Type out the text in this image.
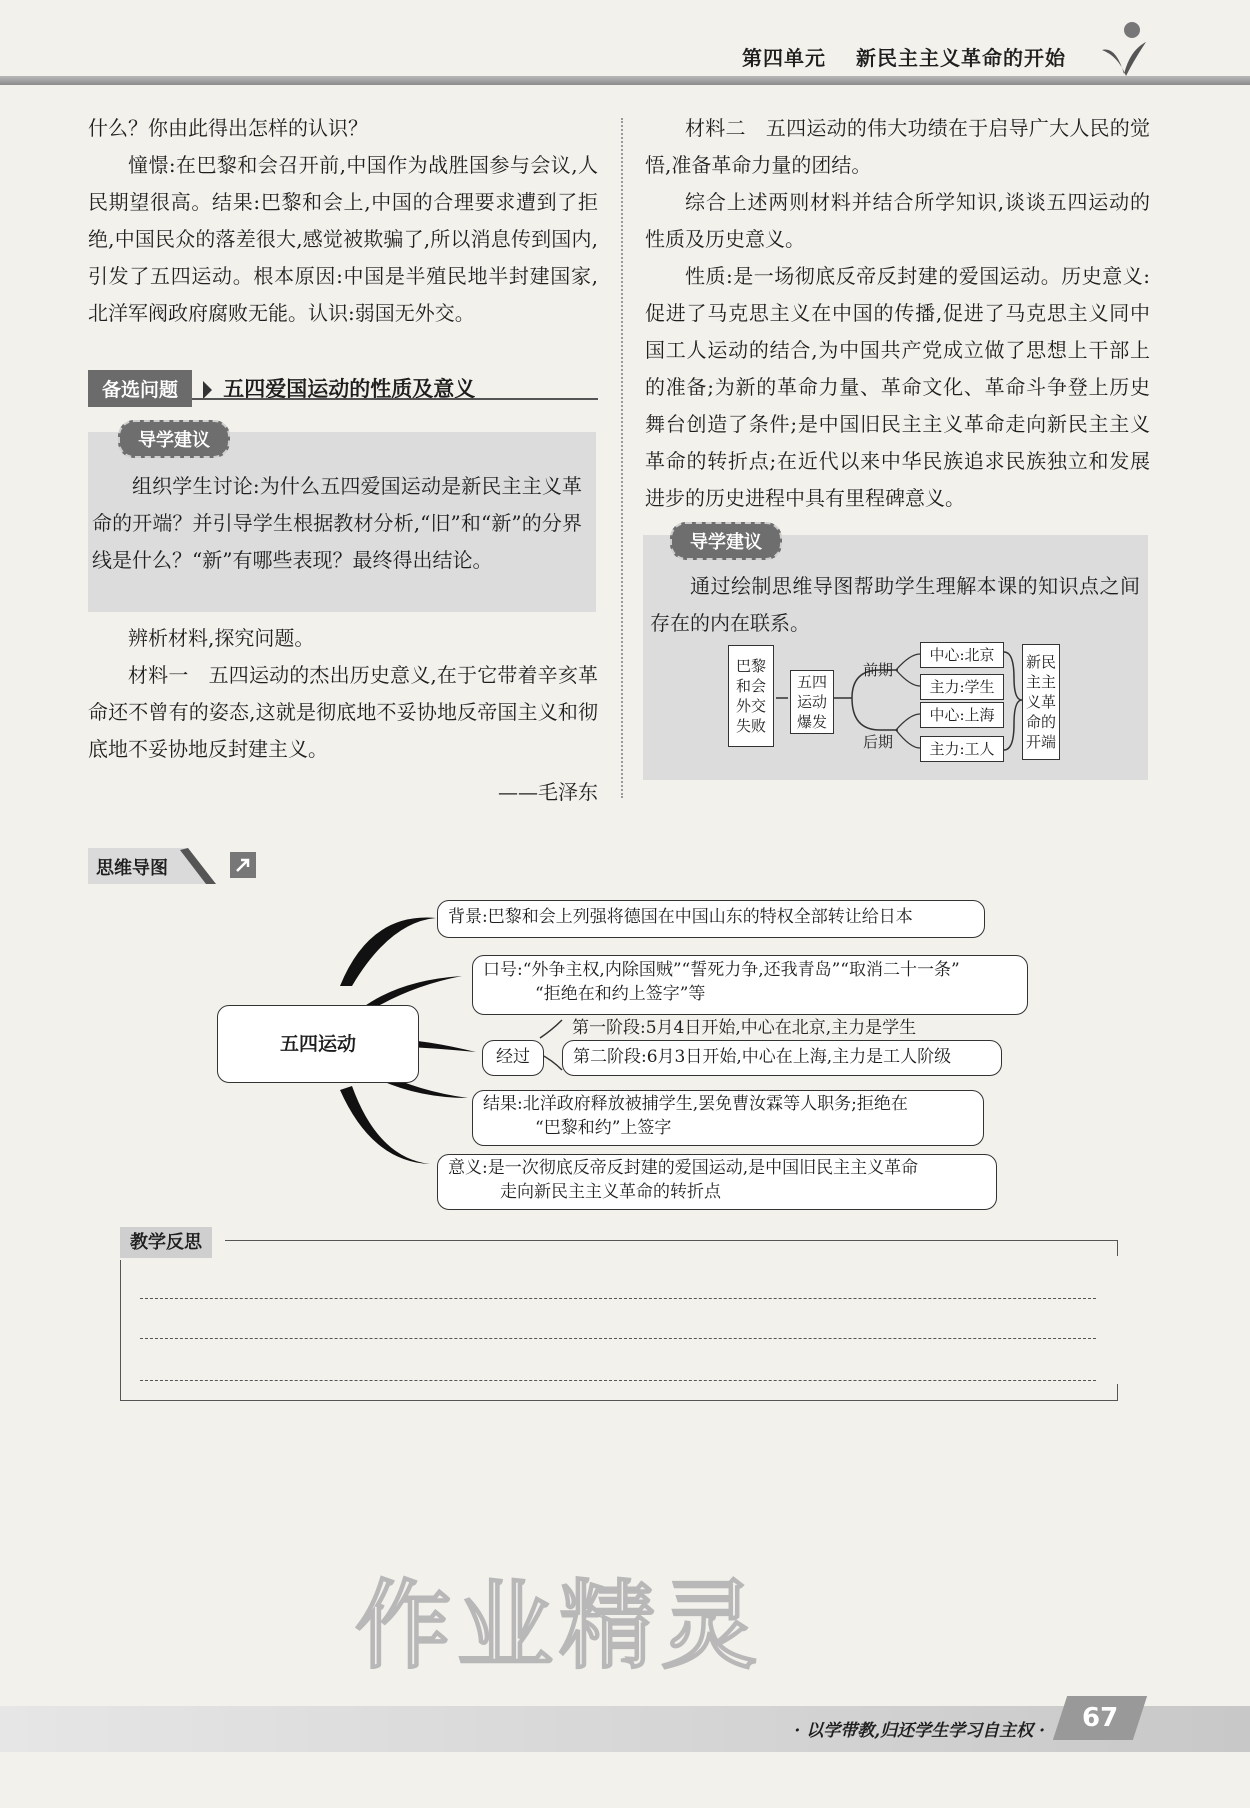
第四单元 新民主主义革命的开始

什么？你由此得出怎样的认识？

憧憬:在巴黎和会召开前,中国作为战胜国参与会议,人民期望很高。结果:巴黎和会上,中国的合理要求遭到了拒绝,中国民众的落差很大,感觉被欺骗了,所以消息传到国内,引发了五四运动。根本原因:中国是半殖民地半封建国家,北洋军阀政府腐败无能。认识:弱国无外交。

备选问题 五四爱国运动的性质及意义
导学建议

组织学生讨论:为什么五四爱国运动是新民主主义革命的开端？并引导学生根据教材分析,“旧”和“新”的分界线是什么？“新”有哪些表现？最终得出结论。

辨析材料,探究问题。

材料一　五四运动的杰出历史意义,在于它带着辛亥革命还不曾有的姿态,这就是彻底地不妥协地反帝国主义和彻底地不妥协地反封建主义。

——毛泽东

材料二　五四运动的伟大功绩在于启导广大人民的觉悟,准备革命力量的团结。

综合上述两则材料并结合所学知识,谈谈五四运动的性质及历史意义。

性质:是一场彻底反帝反封建的爱国运动。历史意义:促进了马克思主义在中国的传播,促进了马克思主义同中国工人运动的结合,为中国共产党成立做了思想上干部上的准备;为新的革命力量、革命文化、革命斗争登上历史舞台创造了条件;是中国旧民主主义革命走向新民主主义革命的转折点;在近代以来中华民族追求民族独立和发展进步的历史进程中具有里程碑意义。

导学建议

通过绘制思维导图帮助学生理解本课的知识点之间存在的内在联系。

巴黎和会外交失败
五四运动爆发
前期
后期
中心:北京
主力:学生
中心:上海
主力:工人
新民主主义革命的开端
思维导图
五四运动
背景:巴黎和会上列强将德国在中国山东的特权全部转让给日本
口号:“外争主权,内除国贼”“誓死力争,还我青岛”“取消二十一条”
“拒绝在和约上签字”等
经过
第一阶段:5月4日开始,中心在北京,主力是学生
第二阶段:6月3日开始,中心在上海,主力是工人阶级
结果:北洋政府释放被捕学生,罢免曹汝霖等人职务;拒绝在
“巴黎和约”上签字
意义:是一次彻底反帝反封建的爱国运动,是中国旧民主主义革命
走向新民主主义革命的转折点
教学反思
作业精灵
· 以学带教,归还学生学习自主权 · 67
